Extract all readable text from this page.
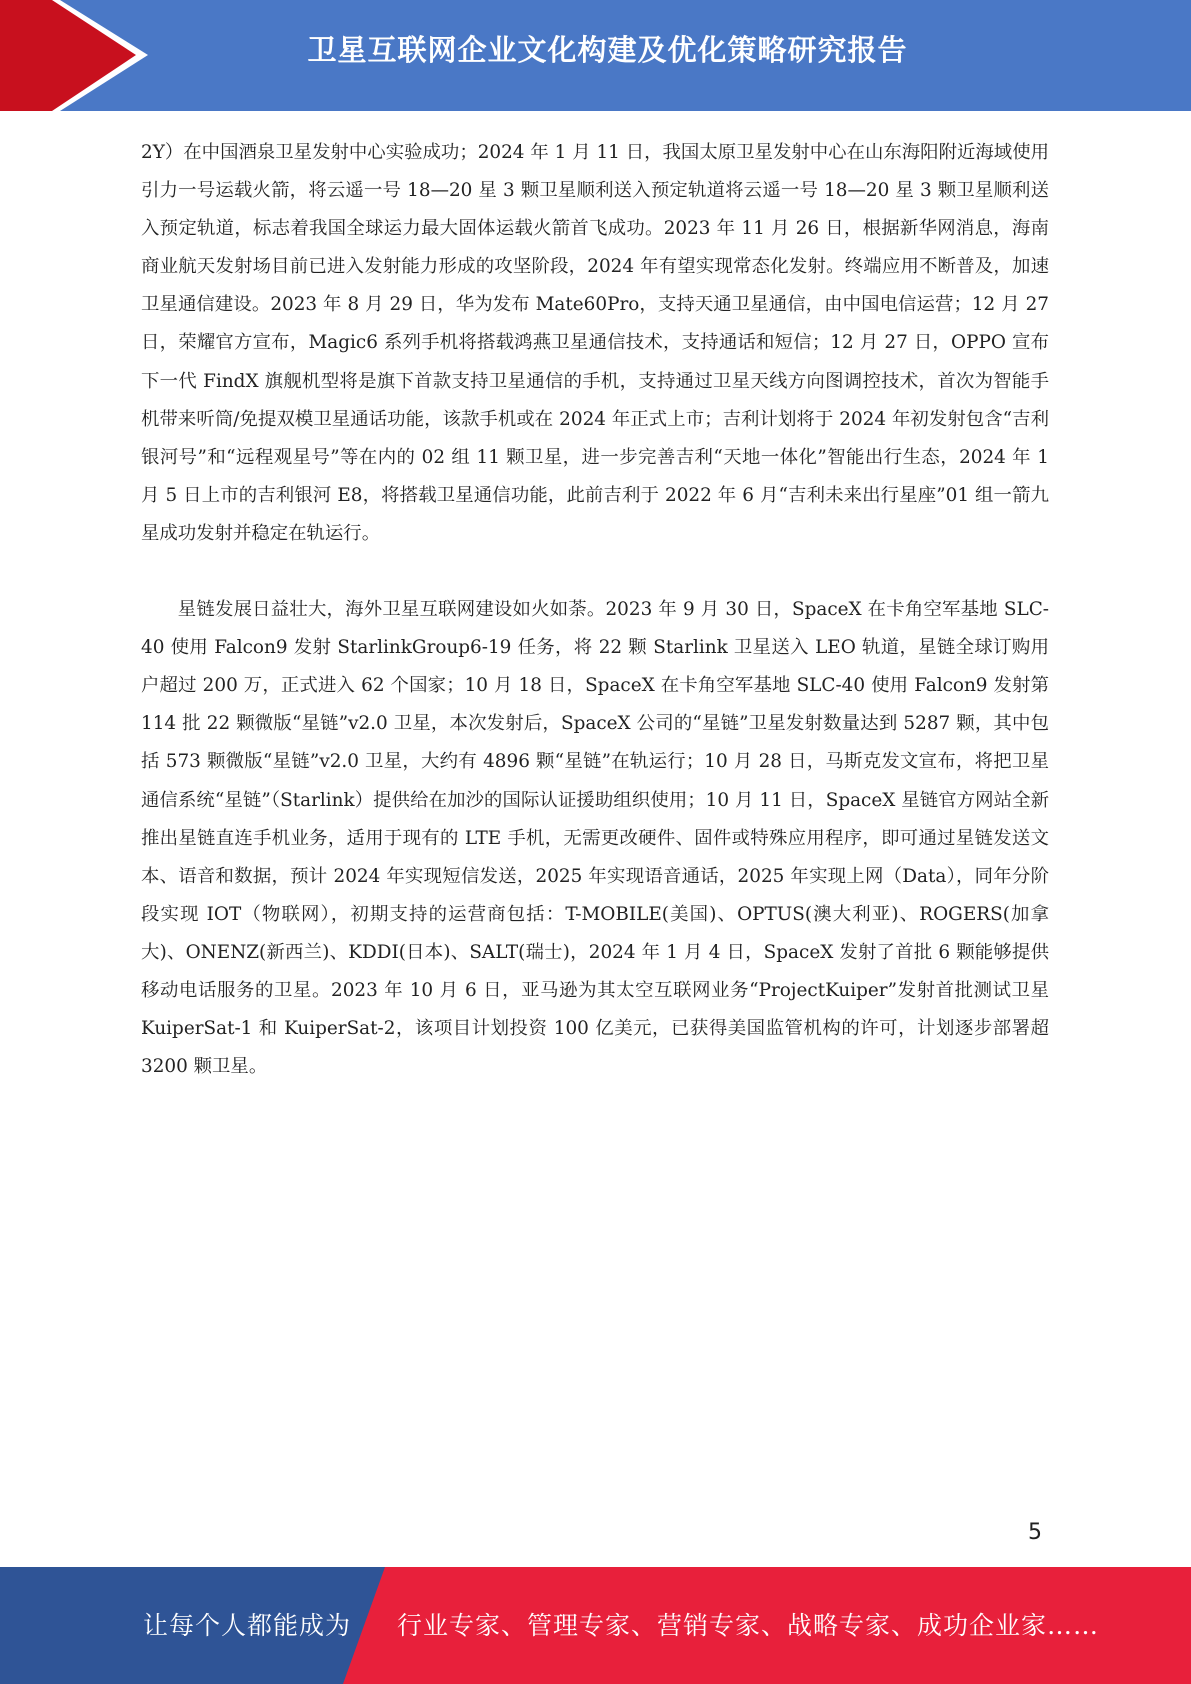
卫星互联网企业文化构建及优化策略研究报告

2Y）在中国酒泉卫星发射中心实验成功；2024 年 1 月 11 日，我国太原卫星发射中心在山东海阳附近海域使用引力一号运载火箭，将云遥一号 18—20 星 3 颗卫星顺利送入预定轨道将云遥一号 18—20 星 3 颗卫星顺利送入预定轨道，标志着我国全球运力最大固体运载火箭首飞成功。2023 年 11 月 26 日，根据新华网消息，海南商业航天发射场目前已进入发射能力形成的攻坚阶段，2024 年有望实现常态化发射。终端应用不断普及，加速卫星通信建设。2023 年 8 月 29 日，华为发布 Mate60Pro，支持天通卫星通信，由中国电信运营；12 月 27 日，荣耀官方宣布，Magic6 系列手机将搭载鸿燕卫星通信技术，支持通话和短信；12 月 27 日，OPPO 宣布下一代 FindX 旗舰机型将是旗下首款支持卫星通信的手机，支持通过卫星天线方向图调控技术，首次为智能手机带来听筒/免提双模卫星通话功能，该款手机或在 2024 年正式上市；吉利计划将于 2024 年初发射包含“吉利银河号”和“远程观星号”等在内的 02 组 11 颗卫星，进一步完善吉利“天地一体化”智能出行生态，2024 年 1 月 5 日上市的吉利银河 E8，将搭载卫星通信功能，此前吉利于 2022 年 6 月“吉利未来出行星座”01 组一箭九星成功发射并稳定在轨运行。

星链发展日益壮大，海外卫星互联网建设如火如荼。2023 年 9 月 30 日，SpaceX 在卡角空军基地 SLC-40 使用 Falcon9 发射 StarlinkGroup6-19 任务，将 22 颗 Starlink 卫星送入 LEO 轨道，星链全球订购用户超过 200 万，正式进入 62 个国家；10 月 18 日，SpaceX 在卡角空军基地 SLC-40 使用 Falcon9 发射第 114 批 22 颗微版“星链”v2.0 卫星，本次发射后，SpaceX 公司的“星链”卫星发射数量达到 5287 颗，其中包括 573 颗微版“星链”v2.0 卫星，大约有 4896 颗“星链”在轨运行；10 月 28 日，马斯克发文宣布，将把卫星通信系统“星链”（Starlink）提供给在加沙的国际认证援助组织使用；10 月 11 日，SpaceX 星链官方网站全新推出星链直连手机业务，适用于现有的 LTE 手机，无需更改硬件、固件或特殊应用程序，即可通过星链发送文本、语音和数据，预计 2024 年实现短信发送，2025 年实现语音通话，2025 年实现上网（Data），同年分阶段实现 IOT（物联网），初期支持的运营商包括：T-MOBILE(美国)、OPTUS(澳大利亚)、ROGERS(加拿大)、ONENZ(新西兰)、KDDI(日本)、SALT(瑞士)，2024 年 1 月 4 日，SpaceX 发射了首批 6 颗能够提供移动电话服务的卫星。2023 年 10 月 6 日，亚马逊为其太空互联网业务“ProjectKuiper”发射首批测试卫星 KuiperSat-1 和 KuiperSat-2，该项目计划投资 100 亿美元，已获得美国监管机构的许可，计划逐步部署超 3200 颗卫星。

5
让每个人都能成为 行业专家、管理专家、营销专家、战略专家、成功企业家……
